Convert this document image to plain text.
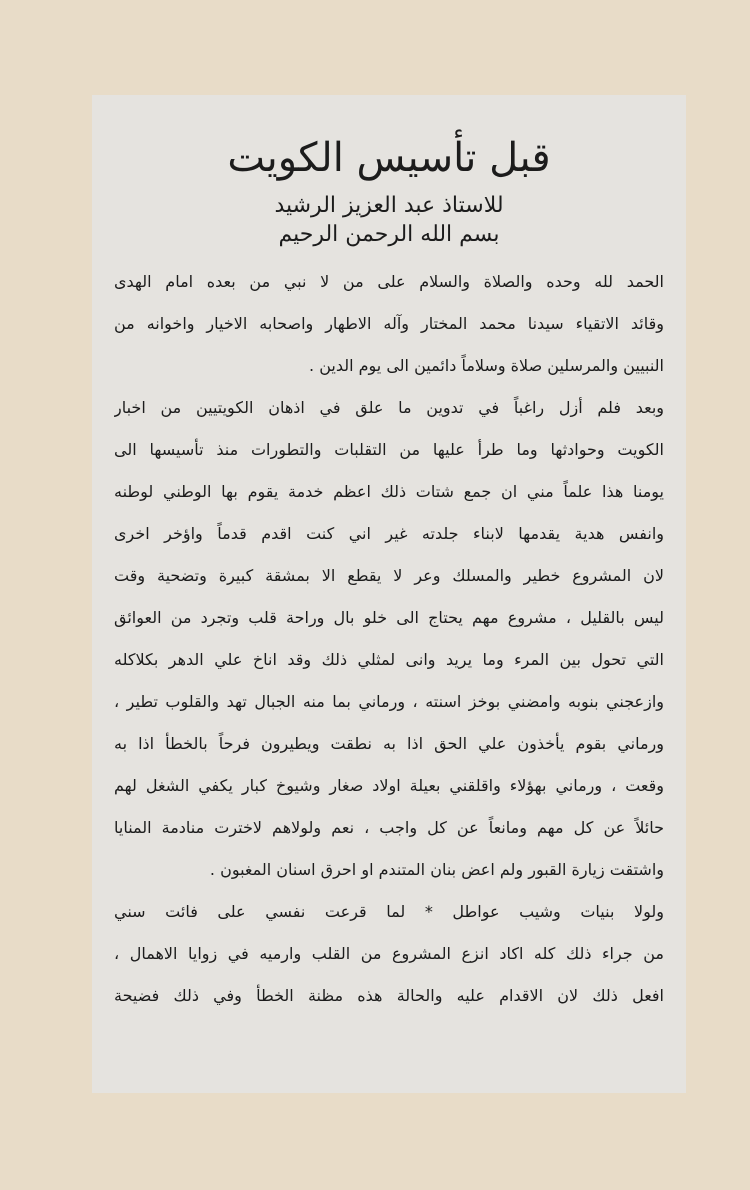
قبل تأسيس الكويت
للاستاذ عبد العزيز الرشيد
بسم الله الرحمن الرحيم
الحمد لله وحده والصلاة والسلام على من لا نبي من بعده امام الهدى
وقائد الاتقياء سيدنا محمد المختار وآله الاطهار واصحابه الاخيار واخوانه من
النبيين والمرسلين صلاة وسلاماً دائمين الى يوم الدين .
وبعد فلم أزل راغباً في تدوين ما علق في اذهان الكويتيين من اخبار
الكويت وحوادثها وما طرأ عليها من التقلبات والتطورات منذ تأسيسها الى
يومنا هذا علماً مني ان جمع شتات ذلك اعظم خدمة يقوم بها الوطني لوطنه
وانفس هدية يقدمها لابناء جلدته غير اني كنت اقدم قدماً واؤخر اخرى
لان المشروع خطير والمسلك وعر لا يقطع الا بمشقة كبيرة وتضحية وقت
ليس بالقليل ، مشروع مهم يحتاج الى خلو بال وراحة قلب وتجرد من العوائق
التي تحول بين المرء وما يريد وانى لمثلي ذلك وقد اناخ علي الدهر بكلاكله
وازعجني بنوبه وامضني بوخز اسنته ، ورماني بما منه الجبال تهد والقلوب تطير ،
ورماني بقوم يأخذون علي الحق اذا به نطقت ويطيرون فرحاً بالخطأ اذا به
وقعت ، ورماني بهؤلاء واقلقني بعيلة اولاد صغار وشيوخ كبار يكفي الشغل لهم
حائلاً عن كل مهم ومانعاً عن كل واجب ، نعم ولولاهم لاخترت منادمة المنايا
واشتقت زيارة القبور ولم اعض بنان المتندم او احرق اسنان المغبون .
ولولا بنيات وشيب عواطل * لما قرعت نفسي على فائت سني
من جراء ذلك كله اكاد انزع المشروع من القلب وارميه في زوايا الاهمال ،
افعل ذلك لان الاقدام عليه والحالة هذه مظنة الخطأ وفي ذلك فضيحة
